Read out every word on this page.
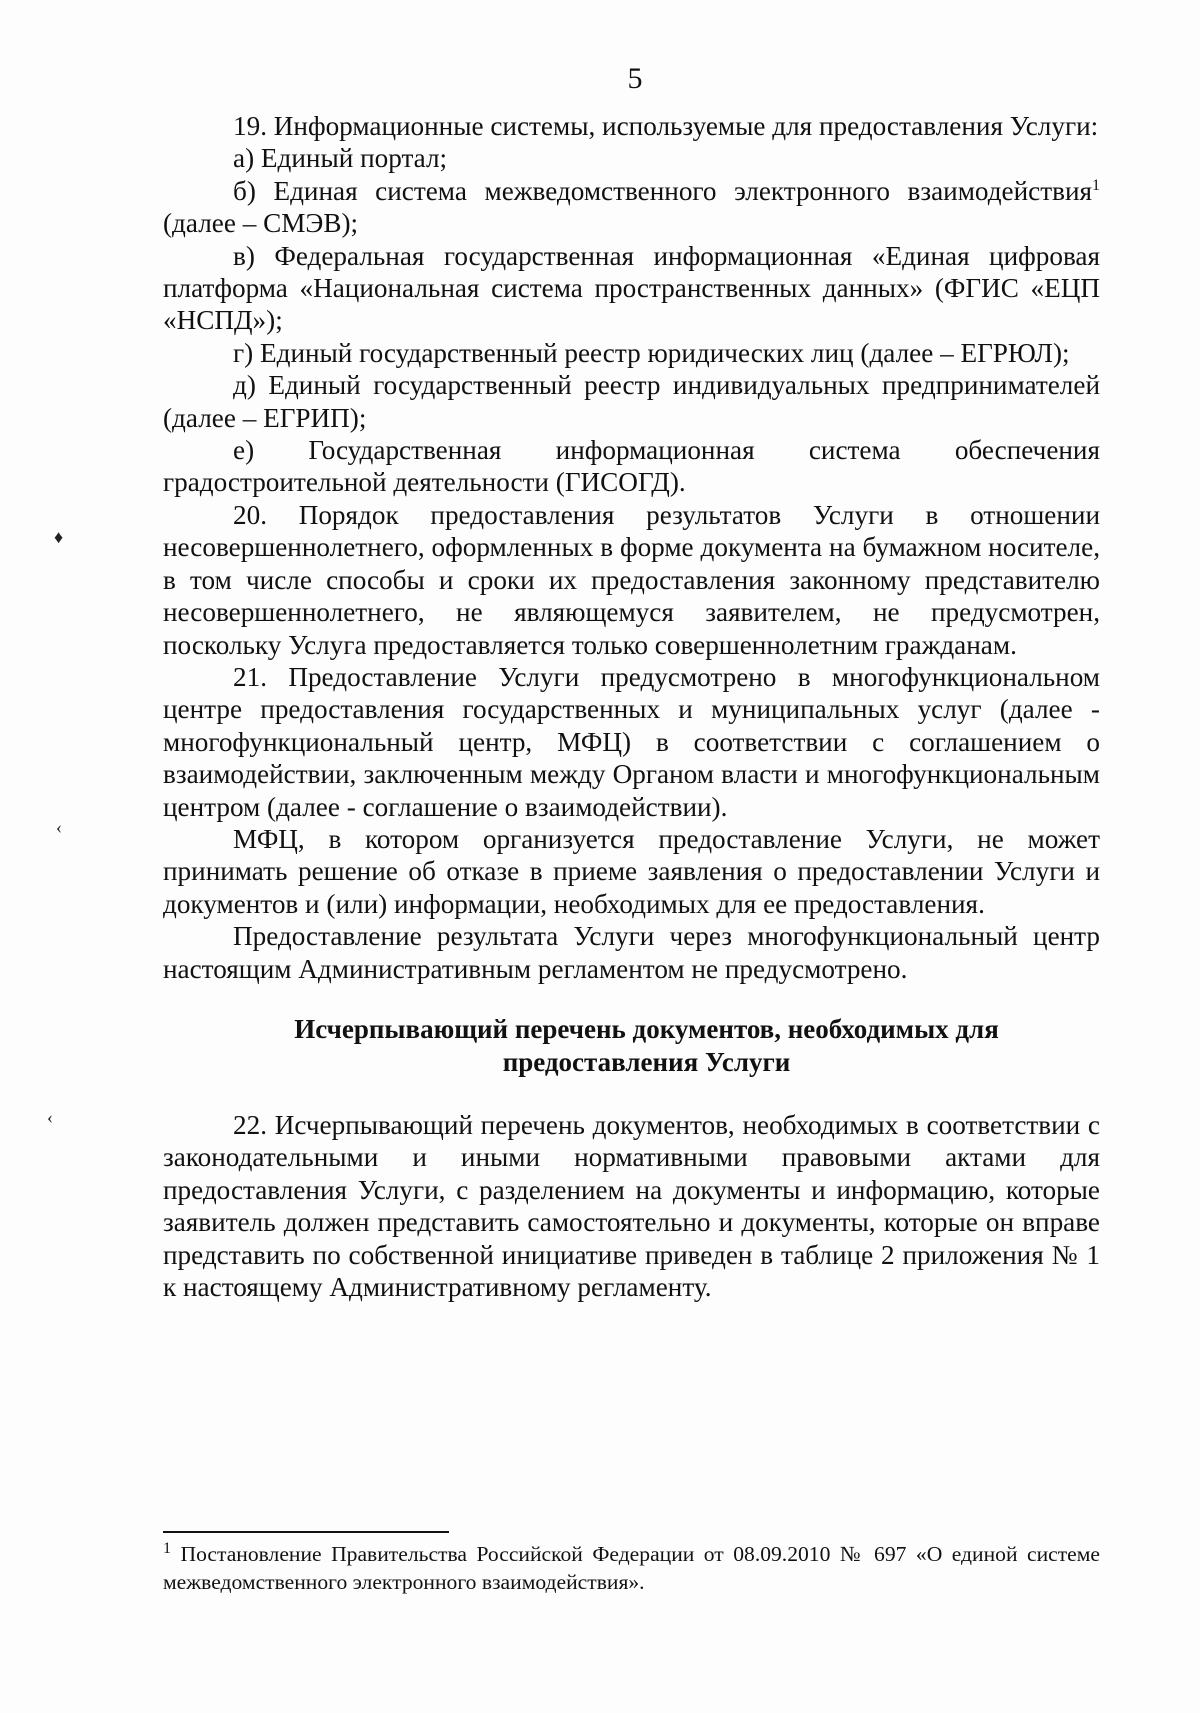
5

19. Информационные системы, используемые для предоставления Услуги:

а) Единый портал;

б) Единая система межведомственного электронного взаимодействия$^1$ (далее – СМЭВ);

в) Федеральная государственная информационная «Единая цифровая платформа «Национальная система пространственных данных» (ФГИС «ЕЦП «НСПД»);

г) Единый государственный реестр юридических лиц (далее – ЕГРЮЛ);

д) Единый государственный реестр индивидуальных предпринимателей (далее – ЕГРИП);

е) Государственная информационная система обеспечения градостроительной деятельности (ГИСОГД).

20. Порядок предоставления результатов Услуги в отношении несовершеннолетнего, оформленных в форме документа на бумажном носителе, в том числе способы и сроки их предоставления законному представителю несовершеннолетнего, не являющемуся заявителем, не предусмотрен, поскольку Услуга предоставляется только совершеннолетним гражданам.

21. Предоставление Услуги предусмотрено в многофункциональном центре предоставления государственных и муниципальных услуг (далее - многофункциональный центр, МФЦ) в соответствии с соглашением о взаимодействии, заключенным между Органом власти и многофункциональным центром (далее - соглашение о взаимодействии).

МФЦ, в котором организуется предоставление Услуги, не может принимать решение об отказе в приеме заявления о предоставлении Услуги и документов и (или) информации, необходимых для ее предоставления.

Предоставление результата Услуги через многофункциональный центр настоящим Административным регламентом не предусмотрено.

Исчерпывающий перечень документов, необходимых для
предоставления Услуги

22. Исчерпывающий перечень документов, необходимых в соответствии с законодательными и иными нормативными правовыми актами для предоставления Услуги, с разделением на документы и информацию, которые заявитель должен представить самостоятельно и документы, которые он вправе представить по собственной инициативе приведен в таблице 2 приложения № 1 к настоящему Административному регламенту.

$^1$ Постановление Правительства Российской Федерации от 08.09.2010 № 697 «О единой системе межведомственного электронного взаимодействия».
♦
‹
‹
